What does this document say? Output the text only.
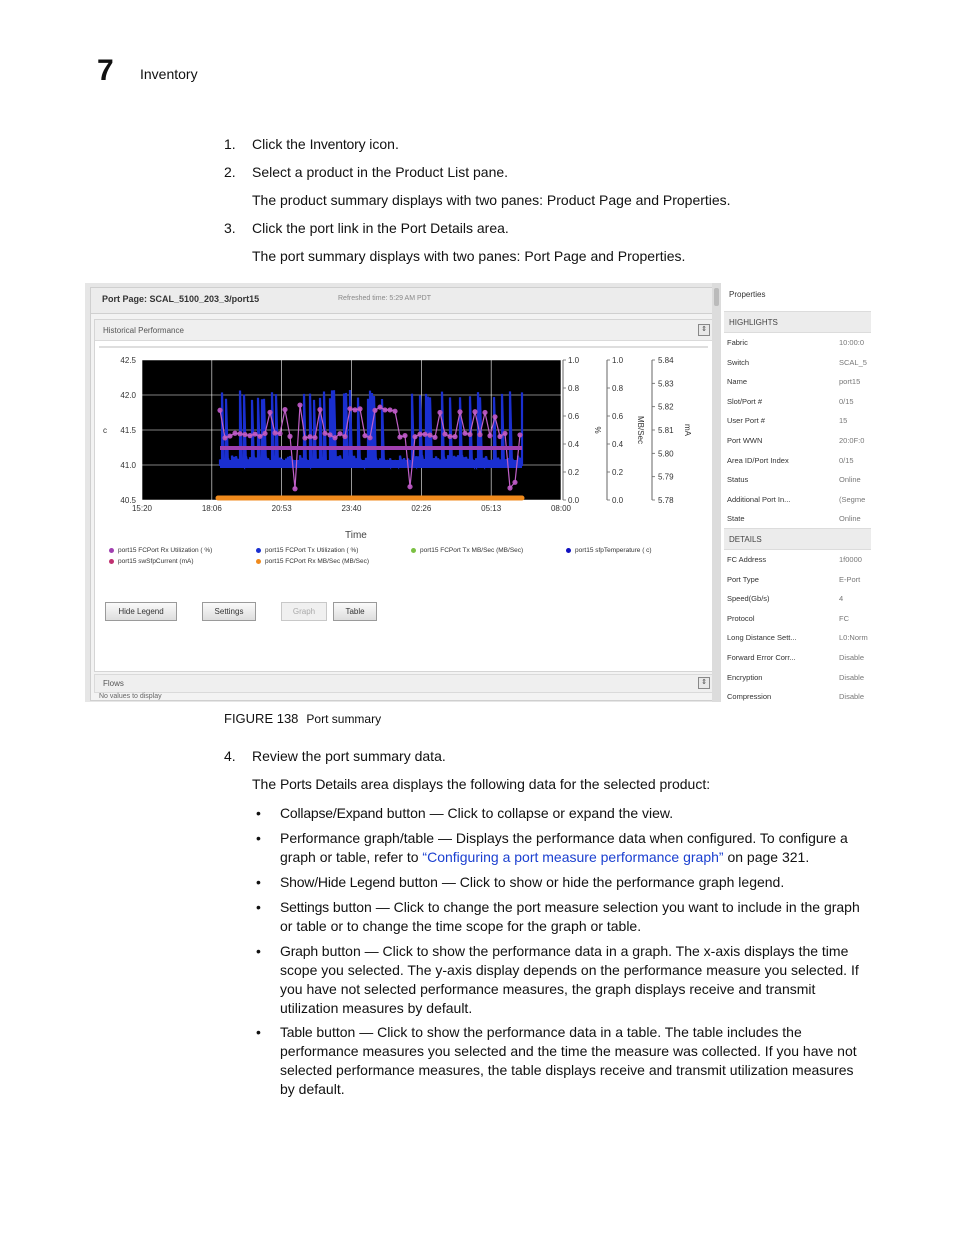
7 Inventory
1. Click the Inventory icon.
2. Select a product in the Product List pane.
The product summary displays with two panes: Product Page and Properties.
3. Click the port link in the Port Details area.
The port summary displays with two panes: Port Page and Properties.
Port Page: SCAL_5100_203_3/port15	Refreshed time: 5:29 AM PDT
Historical Performance	⇕
15:20	18:06	20:53	23:40	02:26	05:13	08:00
40.5
41.0
41.5
42.0
42.5
c
0.0
0.2
0.4
0.6
0.8
1.0
0.0
0.2
0.4
0.6
0.8
1.0
%
5.78
5.79
5.80
5.81
5.82
5.83
5.84
MB/Sec	mA
Time
port15 FCPort Rx Utilization ( %)	port15 FCPort Tx Utilization ( %)	port15 FCPort Tx MB/Sec (MB/Sec)	port15 sfpTemperature ( c)
port15 swSfpCurrent (mA)	port15 FCPort Rx MB/Sec (MB/Sec)
Hide Legend	Settings	Graph	Table
Flows	⇕
No values to display
Properties
HIGHLIGHTS
Fabric	10:00:0
Switch	SCAL_5
Name	port15
Slot/Port #	0/15
User Port #	15
Port WWN	20:0F:0
Area ID/Port Index	0/15
Status	Online
Additional Port In...	(Segme
State	Online
DETAILS
FC Address	1f0000
Port Type	E-Port
Speed(Gb/s)	4
Protocol	FC
Long Distance Sett...	L0:Norm
Forward Error Corr...	Disable
Encryption	Disable
Compression	Disable
FIGURE 138 Port summary
4. Review the port summary data.
The Ports Details area displays the following data for the selected product:
• Collapse/Expand button — Click to collapse or expand the view.
• Performance graph/table — Displays the performance data when configured. To configure a graph or table, refer to “Configuring a port measure performance graph” on page 321.
• Show/Hide Legend button — Click to show or hide the performance graph legend.
• Settings button — Click to change the port measure selection you want to include in the graph or table or to change the time scope for the graph or table.
• Graph button — Click to show the performance data in a graph. The x-axis displays the time scope you selected. The y-axis display depends on the performance measure you selected. If you have not selected performance measures, the graph displays receive and transmit utilization measures by default.
• Table button — Click to show the performance data in a table. The table includes the performance measures you selected and the time the measure was collected. If you have not selected performance measures, the table displays receive and transmit utilization measures by default.
